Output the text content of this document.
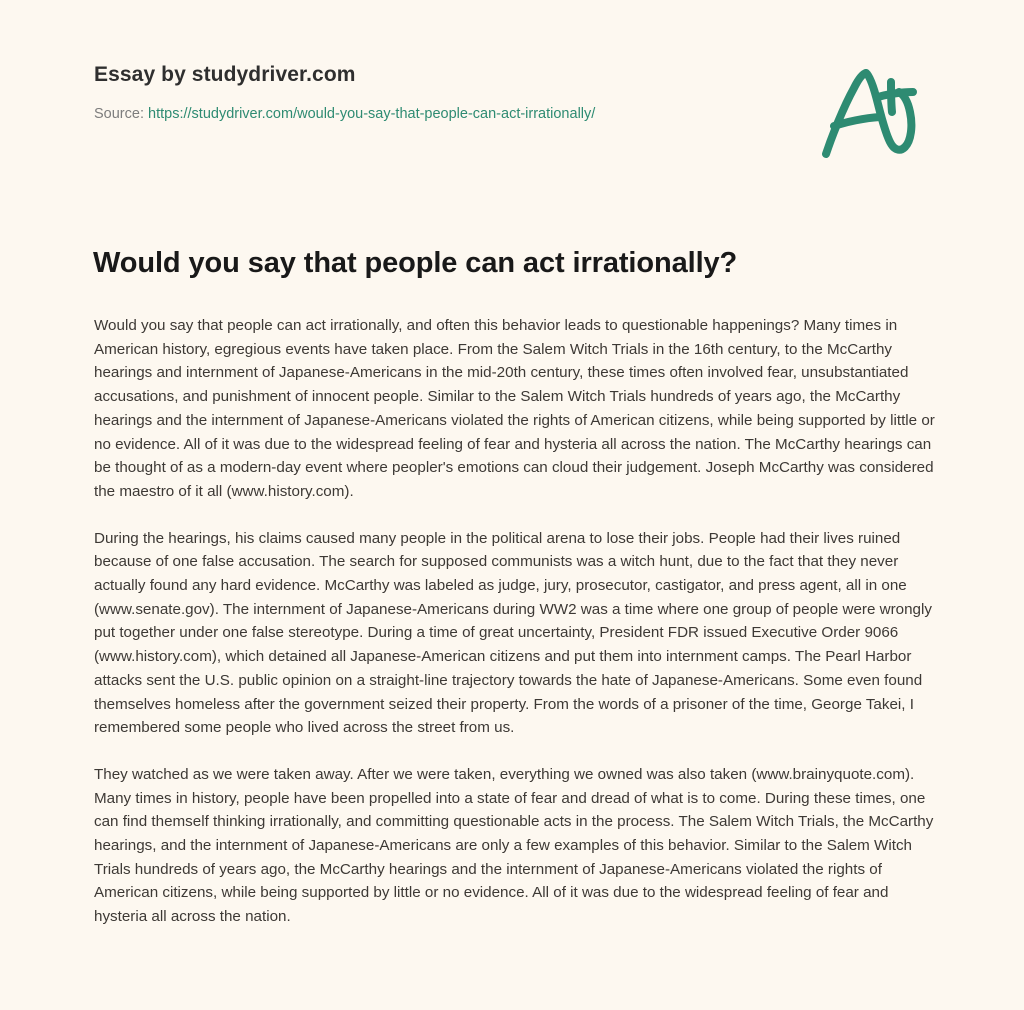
Essay by studydriver.com
Source: https://studydriver.com/would-you-say-that-people-can-act-irrationally/
Would you say that people can act irrationally?

Would you say that people can act irrationally, and often this behavior leads to questionable happenings? Many times in American history, egregious events have taken place. From the Salem Witch Trials in the 16th century, to the McCarthy hearings and internment of Japanese-Americans in the mid-20th century, these times often involved fear, unsubstantiated accusations, and punishment of innocent people. Similar to the Salem Witch Trials hundreds of years ago, the McCarthy hearings and the internment of Japanese-Americans violated the rights of American citizens, while being supported by little or no evidence. All of it was due to the widespread feeling of fear and hysteria all across the nation. The McCarthy hearings can be thought of as a modern-day event where peopler's emotions can cloud their judgement. Joseph McCarthy was considered the maestro of it all (www.history.com).

During the hearings, his claims caused many people in the political arena to lose their jobs. People had their lives ruined because of one false accusation. The search for supposed communists was a witch hunt, due to the fact that they never actually found any hard evidence. McCarthy was labeled as judge, jury, prosecutor, castigator, and press agent, all in one (www.senate.gov). The internment of Japanese-Americans during WW2 was a time where one group of people were wrongly put together under one false stereotype. During a time of great uncertainty, President FDR issued Executive Order 9066 (www.history.com), which detained all Japanese-American citizens and put them into internment camps. The Pearl Harbor attacks sent the U.S. public opinion on a straight-line trajectory towards the hate of Japanese-Americans. Some even found themselves homeless after the government seized their property. From the words of a prisoner of the time, George Takei, I remembered some people who lived across the street from us.

They watched as we were taken away. After we were taken, everything we owned was also taken (www.brainyquote.com). Many times in history, people have been propelled into a state of fear and dread of what is to come. During these times, one can find themself thinking irrationally, and committing questionable acts in the process. The Salem Witch Trials, the McCarthy hearings, and the internment of Japanese-Americans are only a few examples of this behavior. Similar to the Salem Witch Trials hundreds of years ago, the McCarthy hearings and the internment of Japanese-Americans violated the rights of American citizens, while being supported by little or no evidence. All of it was due to the widespread feeling of fear and hysteria all across the nation.
